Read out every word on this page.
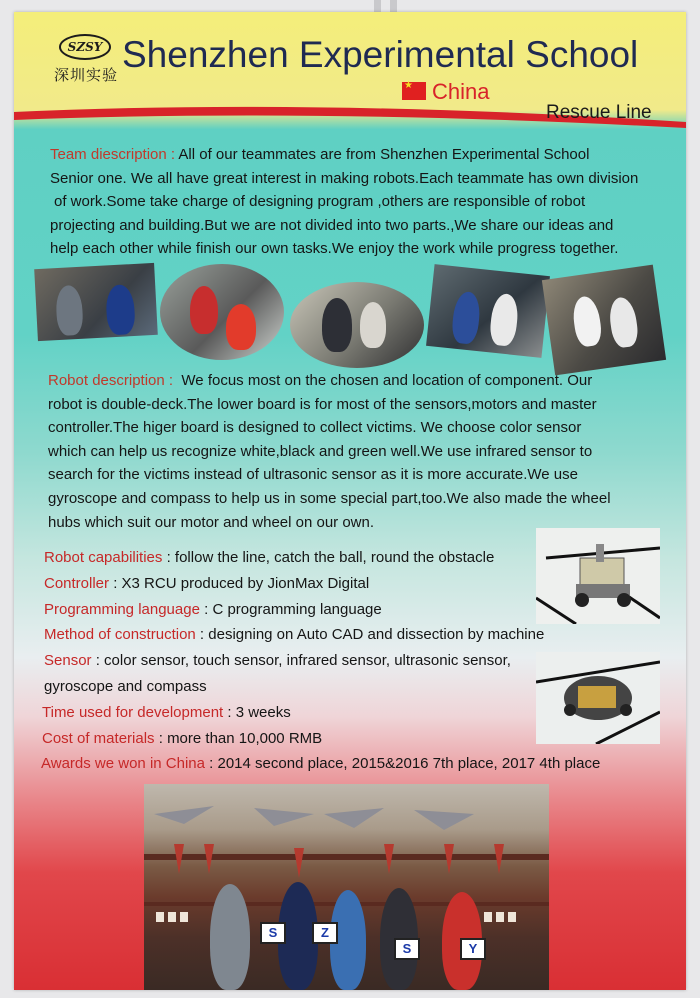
SZSY
深圳实验 Shenzhen Experimental School
★
China
Rescue Line
Team diescription : All of our teammates are from Shenzhen Experimental School
Senior one. We all have great interest in making robots.Each teammate has own division
of work.Some take charge of designing program ,others are responsible of robot
projecting and building.But we are not divided into two parts.,We share our ideas and
help each other while finish our own tasks.We enjoy the work while progress together.
Robot description : We focus most on the chosen and location of component. Our
robot is double-deck.The lower board is for most of the sensors,motors and master
controller.The higer board is designed to collect victims. We choose color sensor
which can help us recognize white,black and green well.We use infrared sensor to
search for the victims instead of ultrasonic sensor as it is more accurate.We use
gyroscope and compass to help us in some special part,too.We also made the wheel
hubs which suit our motor and wheel on our own.
Robot capabilities : follow the line, catch the ball, round the obstacle
Controller : X3 RCU produced by JionMax Digital
Programming language : C programming language
Method of construction : designing on Auto CAD and dissection by machine
Sensor : color sensor, touch sensor, infrared sensor, ultrasonic sensor,
gyroscope and compass
Time used for development : 3 weeks
Cost of materials : more than 10,000 RMB
Awards we won in China : 2014 second place, 2015&2016 7th place, 2017 4th place
S	Z
S	Y
